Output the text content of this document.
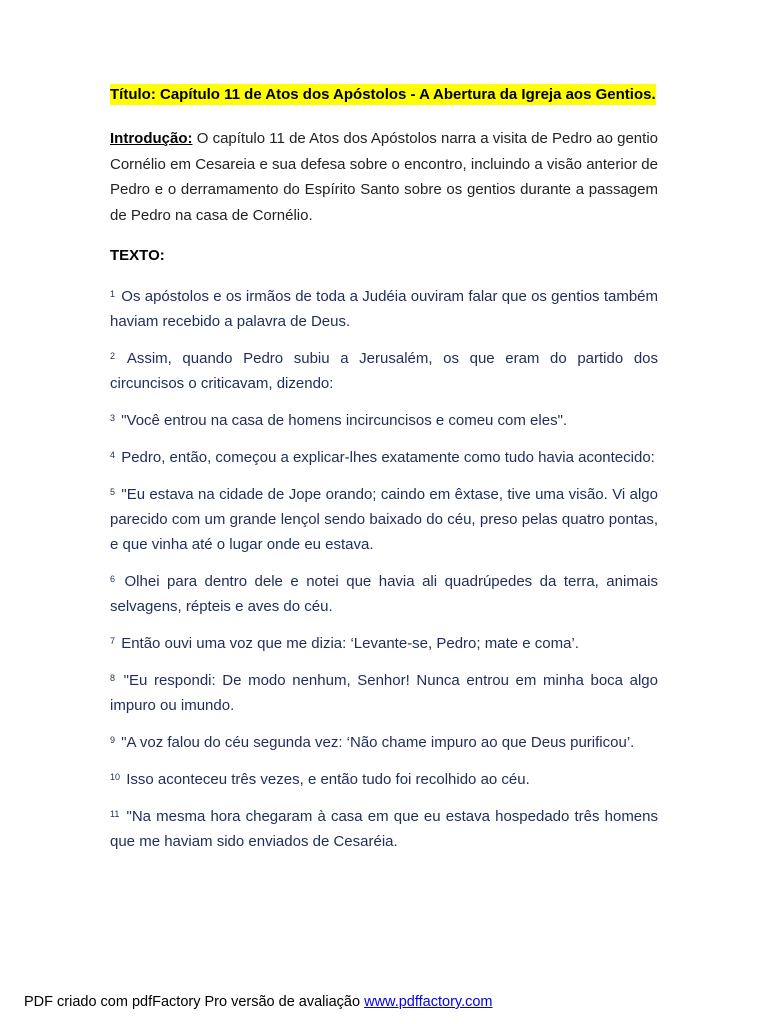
Título: Capítulo 11 de Atos dos Apóstolos - A Abertura da Igreja aos Gentios.

Introdução: O capítulo 11 de Atos dos Apóstolos narra a visita de Pedro ao gentio Cornélio em Cesareia e sua defesa sobre o encontro, incluindo a visão anterior de Pedro e o derramamento do Espírito Santo sobre os gentios durante a passagem de Pedro na casa de Cornélio.

TEXTO:

$^1$ Os apóstolos e os irmãos de toda a Judéia ouviram falar que os gentios também haviam recebido a palavra de Deus.

$^2$ Assim, quando Pedro subiu a Jerusalém, os que eram do partido dos circuncisos o criticavam, dizendo:

$^3$ "Você entrou na casa de homens incircuncisos e comeu com eles".

$^4$ Pedro, então, começou a explicar-lhes exatamente como tudo havia acontecido:

$^5$ "Eu estava na cidade de Jope orando; caindo em êxtase, tive uma visão. Vi algo parecido com um grande lençol sendo baixado do céu, preso pelas quatro pontas, e que vinha até o lugar onde eu estava.

$^6$ Olhei para dentro dele e notei que havia ali quadrúpedes da terra, animais selvagens, répteis e aves do céu.

$^7$ Então ouvi uma voz que me dizia: ‘Levante-se, Pedro; mate e coma’.

$^8$ "Eu respondi: De modo nenhum, Senhor! Nunca entrou em minha boca algo impuro ou imundo.

$^9$ "A voz falou do céu segunda vez: ‘Não chame impuro ao que Deus purificou’.

$^{10}$ Isso aconteceu três vezes, e então tudo foi recolhido ao céu.

$^{11}$ "Na mesma hora chegaram à casa em que eu estava hospedado três homens que me haviam sido enviados de Cesaréia.

PDF criado com pdfFactory Pro versão de avaliação www.pdffactory.com
